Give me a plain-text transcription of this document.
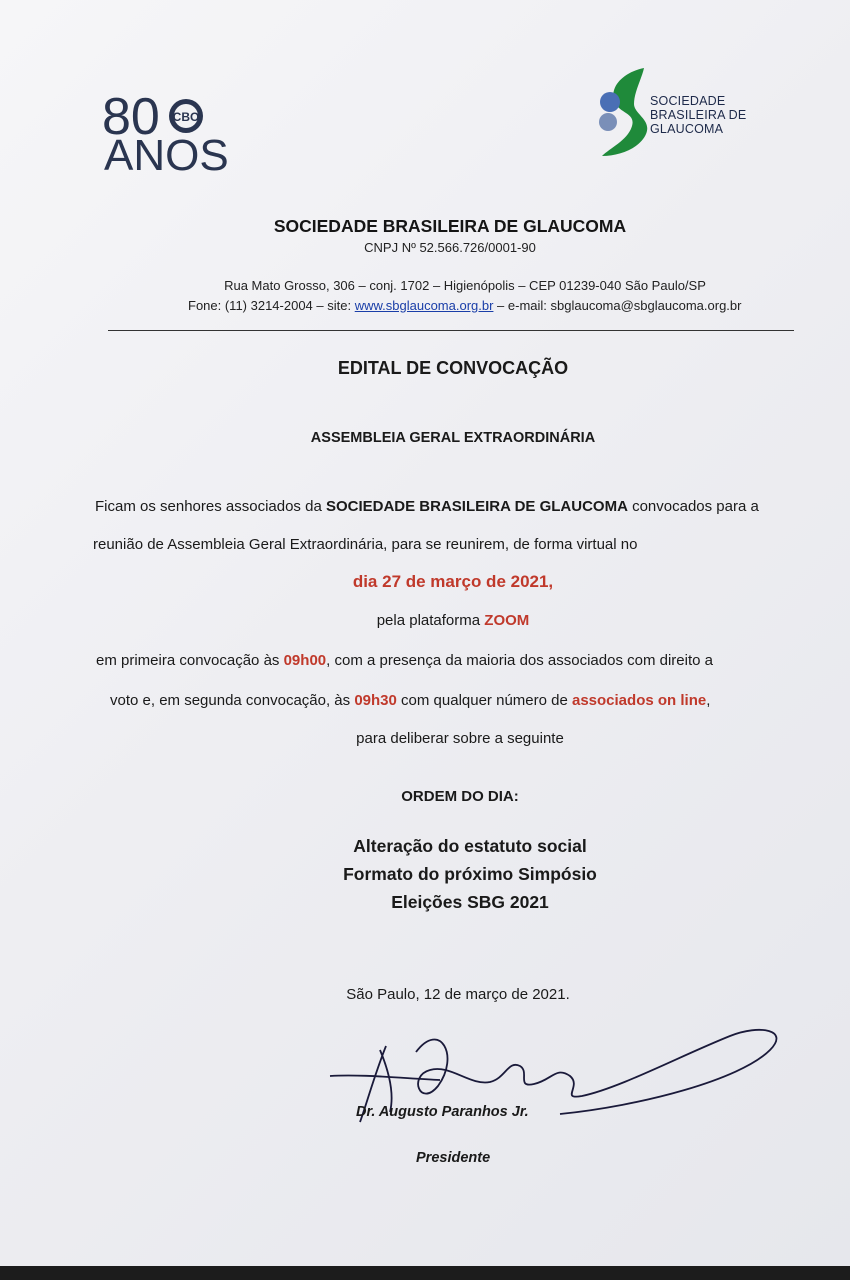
80 CBO
ANOS
SOCIEDADE
BRASILEIRA DE
GLAUCOMA
SOCIEDADE BRASILEIRA DE GLAUCOMA
CNPJ Nº 52.566.726/0001-90
Rua Mato Grosso, 306 – conj. 1702 – Higienópolis – CEP 01239-040 São Paulo/SP
Fone: (11) 3214-2004 – site: www.sbglaucoma.org.br – e-mail: sbglaucoma@sbglaucoma.org.br
EDITAL DE CONVOCAÇÃO
ASSEMBLEIA GERAL EXTRAORDINÁRIA
Ficam os senhores associados da SOCIEDADE BRASILEIRA DE GLAUCOMA convocados para a
reunião de Assembleia Geral Extraordinária, para se reunirem, de forma virtual no
dia 27 de março de 2021,
pela plataforma ZOOM
em primeira convocação às 09h00, com a presença da maioria dos associados com direito a
voto e, em segunda convocação, às 09h30 com qualquer número de associados on line,
para deliberar sobre a seguinte
ORDEM DO DIA:
Alteração do estatuto social
Formato do próximo Simpósio
Eleições SBG 2021
São Paulo, 12 de março de 2021.
Dr. Augusto Paranhos Jr.
Presidente
